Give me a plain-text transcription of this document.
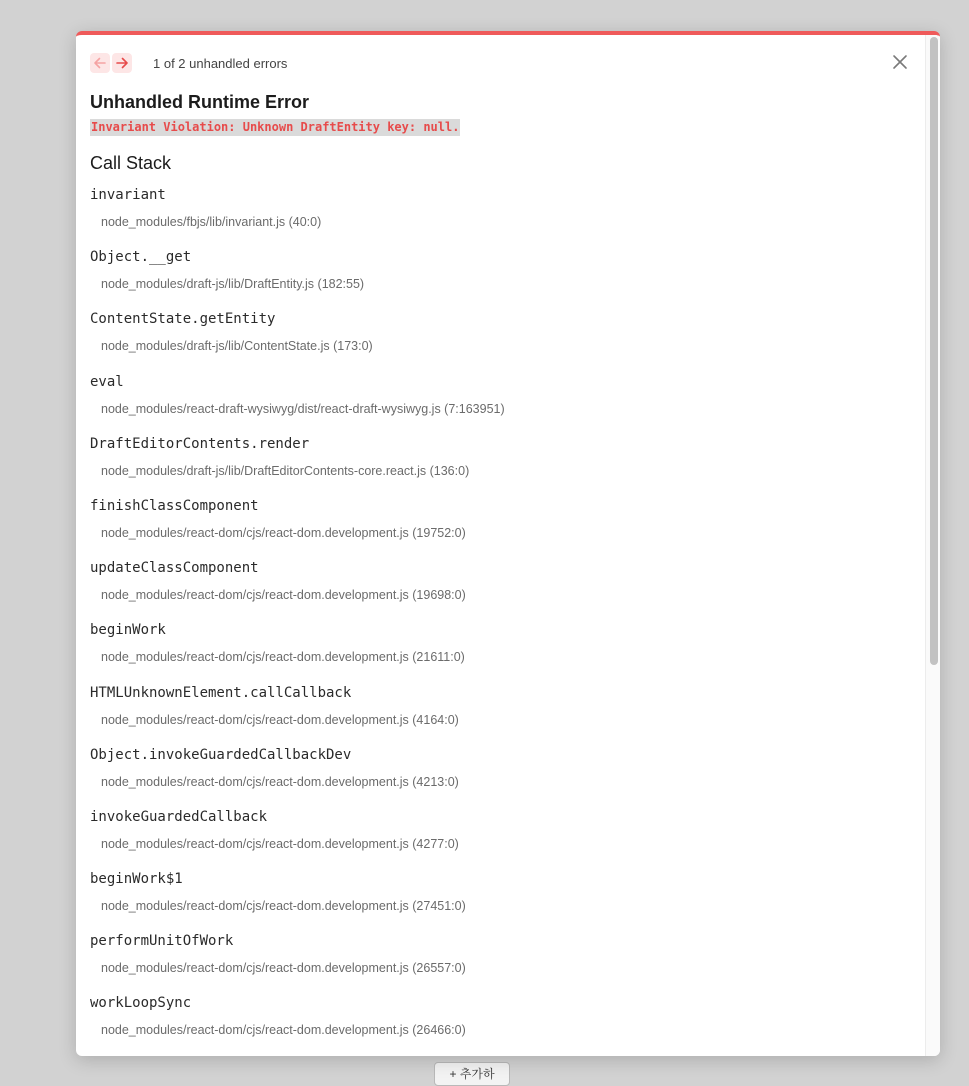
+ 추가하
1 of 2 unhandled errors
Unhandled Runtime Error
Invariant Violation: Unknown DraftEntity key: null.
Call Stack
invariant
node_modules/fbjs/lib/invariant.js (40:0)
Object.__get
node_modules/draft-js/lib/DraftEntity.js (182:55)
ContentState.getEntity
node_modules/draft-js/lib/ContentState.js (173:0)
eval
node_modules/react-draft-wysiwyg/dist/react-draft-wysiwyg.js (7:163951)
DraftEditorContents.render
node_modules/draft-js/lib/DraftEditorContents-core.react.js (136:0)
finishClassComponent
node_modules/react-dom/cjs/react-dom.development.js (19752:0)
updateClassComponent
node_modules/react-dom/cjs/react-dom.development.js (19698:0)
beginWork
node_modules/react-dom/cjs/react-dom.development.js (21611:0)
HTMLUnknownElement.callCallback
node_modules/react-dom/cjs/react-dom.development.js (4164:0)
Object.invokeGuardedCallbackDev
node_modules/react-dom/cjs/react-dom.development.js (4213:0)
invokeGuardedCallback
node_modules/react-dom/cjs/react-dom.development.js (4277:0)
beginWork$1
node_modules/react-dom/cjs/react-dom.development.js (27451:0)
performUnitOfWork
node_modules/react-dom/cjs/react-dom.development.js (26557:0)
workLoopSync
node_modules/react-dom/cjs/react-dom.development.js (26466:0)
